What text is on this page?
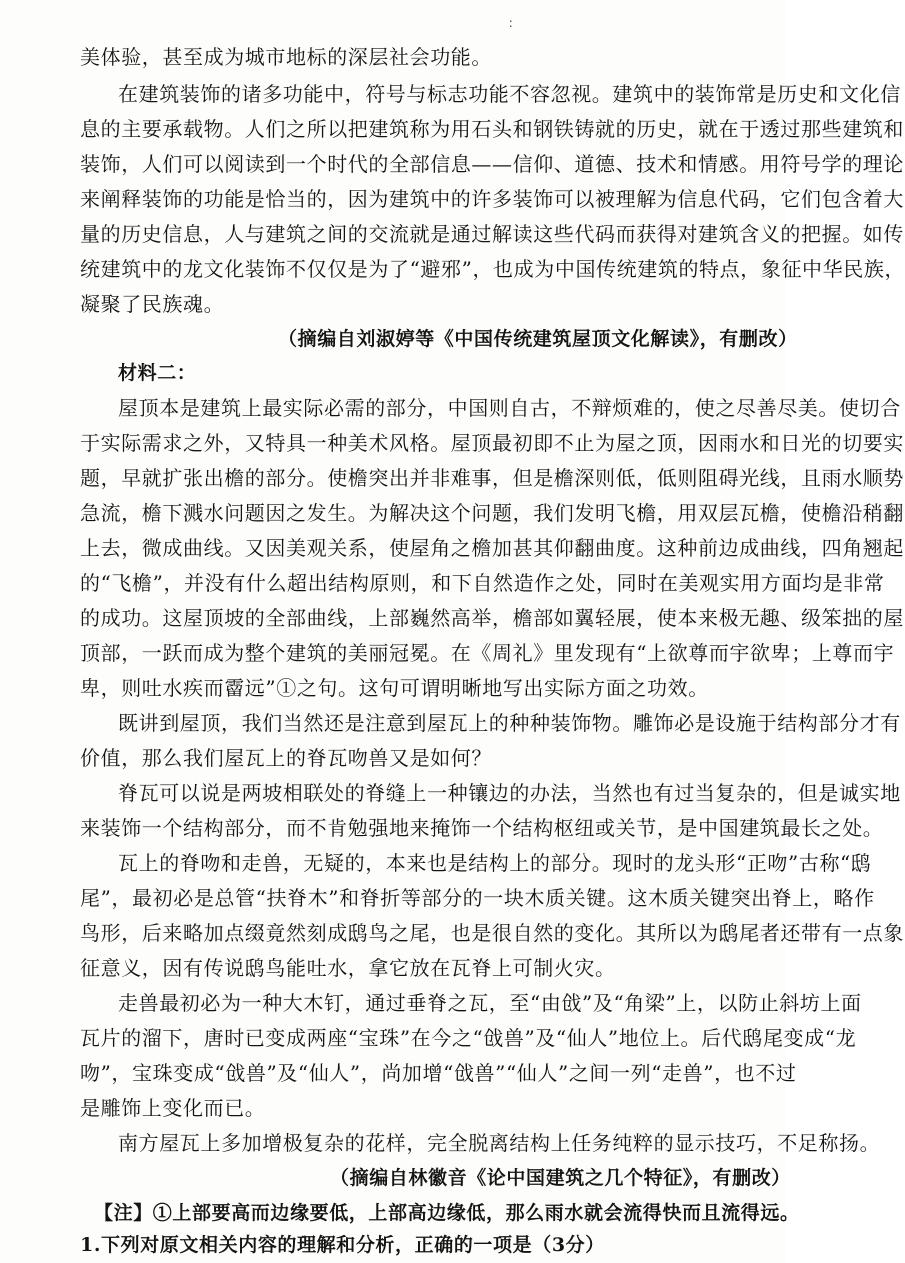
：
美体验，甚至成为城市地标的深层社会功能。
在建筑装饰的诸多功能中，符号与标志功能不容忽视。建筑中的装饰常是历史和文化信
息的主要承载物。人们之所以把建筑称为用石头和钢铁铸就的历史，就在于透过那些建筑和
装饰，人们可以阅读到一个时代的全部信息——信仰、道德、技术和情感。用符号学的理论
来阐释装饰的功能是恰当的，因为建筑中的许多装饰可以被理解为信息代码，它们包含着大
量的历史信息，人与建筑之间的交流就是通过解读这些代码而获得对建筑含义的把握。如传
统建筑中的龙文化装饰不仅仅是为了“避邪”，也成为中国传统建筑的特点，象征中华民族，
凝聚了民族魂。
（摘编自刘淑婷等《中国传统建筑屋顶文化解读》，有删改）
材料二：
屋顶本是建筑上最实际必需的部分，中国则自古，不辩烦难的，使之尽善尽美。使切合
于实际需求之外，又特具一种美术风格。屋顶最初即不止为屋之顶，因雨水和日光的切要实
题，早就扩张出檐的部分。使檐突出并非难事，但是檐深则低，低则阻碍光线，且雨水顺势
急流，檐下溅水问题因之发生。为解决这个问题，我们发明飞檐，用双层瓦檐，使檐沿稍翻
上去，微成曲线。又因美观关系，使屋角之檐加甚其仰翻曲度。这种前边成曲线，四角翘起
的“飞檐”，并没有什么超出结构原则，和下自然造作之处，同时在美观实用方面均是非常
的成功。这屋顶坡的全部曲线，上部巍然高举，檐部如翼轻展，使本来极无趣、级笨拙的屋
顶部，一跃而成为整个建筑的美丽冠冕。在《周礼》里发现有“上欲尊而宇欲卑；上尊而宇
卑，则吐水疾而霤远”①之句。这句可谓明晰地写出实际方面之功效。
既讲到屋顶，我们当然还是注意到屋瓦上的种种装饰物。雕饰必是设施于结构部分才有
价值，那么我们屋瓦上的脊瓦吻兽又是如何？
脊瓦可以说是两坡相联处的脊缝上一种镶边的办法，当然也有过当复杂的，但是诚实地
来装饰一个结构部分，而不肯勉强地来掩饰一个结构枢纽或关节，是中国建筑最长之处。
瓦上的脊吻和走兽，无疑的，本来也是结构上的部分。现时的龙头形“正吻”古称“鸱
尾”，最初必是总管“扶脊木”和脊折等部分的一块木质关键。这木质关键突出脊上，略作
鸟形，后来略加点缀竟然刻成鸱鸟之尾，也是很自然的变化。其所以为鸱尾者还带有一点象
征意义，因有传说鸱鸟能吐水，拿它放在瓦脊上可制火灾。
走兽最初必为一种大木钉，通过垂脊之瓦，至“由戗”及“角梁”上，以防止斜坊上面
瓦片的溜下，唐时已变成两座“宝珠”在今之“戗兽”及“仙人”地位上。后代鸱尾变成“龙
吻”，宝珠变成“戗兽”及“仙人”，尚加增“戗兽”“仙人”之间一列“走兽”，也不过
是雕饰上变化而已。
南方屋瓦上多加增极复杂的花样，完全脱离结构上任务纯粹的显示技巧，不足称扬。
（摘编自林徽音《论中国建筑之几个特征》，有删改）
【注】①上部要高而边缘要低，上部高边缘低，那么雨水就会流得快而且流得远。
1.下列对原文相关内容的理解和分析，正确的一项是（3分）
